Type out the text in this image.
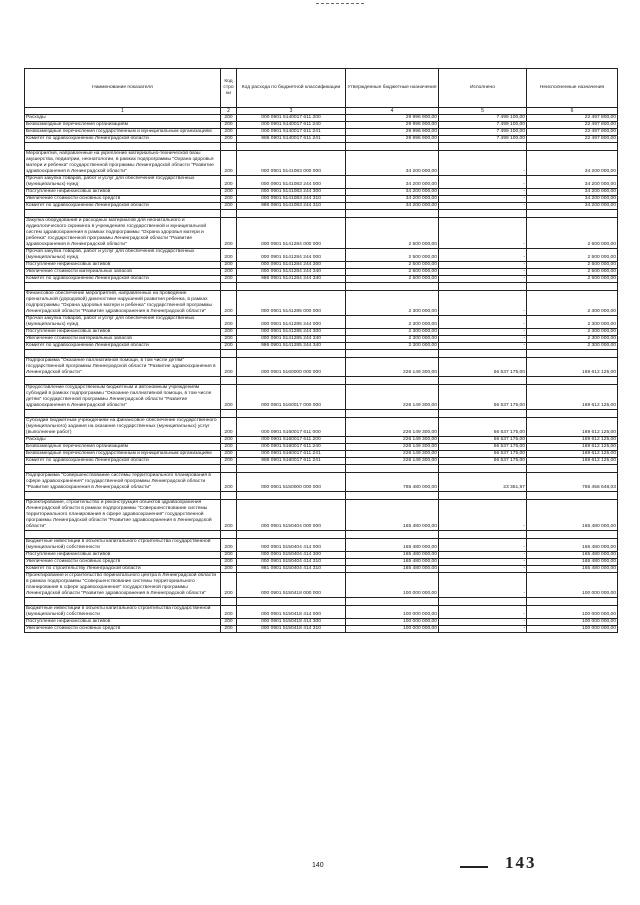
Наименование показателя	Код стро ки	Код расхода по бюджетной классификации	Утвержденные бюджетные назначения	Исполнено	Неисполненные назначения
1	2	3	4	5	6
Расходы	200	000 0901 5140017 611 200	29 996 900,00	7 499 100,00	22 497 800,00
Безвозмездные перечисления организациям	200	000 0901 5140017 611 240	29 996 900,00	7 499 100,00	22 497 800,00
Безвозмездные перечисления государственным и муниципальным организациям	200	000 0901 5140017 611 241	29 996 900,00	7 499 100,00	22 497 800,00
Комитет по здравоохранению Ленинградской области	200	986 0901 5140017 611 241	29 996 900,00	7 499 100,00	22 497 800,00

Мероприятия, направленные на укрепление материально-технической базы акушерства, педиатрии, неонатологии, в рамках подпрограммы "Охрана здоровья матери и ребенка" государственной программы Ленинградской области "Развитие здравоохранения в Ленинградской области"	200	000 0901 5141083 000 000	34 200 000,00	-	34 200 000,00
Прочая закупка товаров, работ и услуг для обеспечения государственных (муниципальных) нужд	200	000 0901 5141083 244 000	34 200 000,00	-	34 200 000,00
Поступление нефинансовых активов	200	000 0901 5141083 244 300	34 200 000,00	-	34 200 000,00
Увеличение стоимости основных средств	200	000 0901 5141083 244 310	34 200 000,00	-	34 200 000,00
Комитет по здравоохранению Ленинградской области	200	986 0901 5141083 244 310	34 200 000,00	-	34 200 000,00

Закупка оборудования и расходных материалов для неонатального и аудиологического скрининга в учреждениях государственной и муниципальной систем здравоохранения в рамках подпрограммы "Охрана здоровья матери и ребенка" государственной программы Ленинградской области "Развитие здравоохранения в Ленинградской области"	200	000 0901 5141284 000 000	2 500 000,00	-	2 500 000,00
Прочая закупка товаров, работ и услуг для обеспечения государственных (муниципальных) нужд	200	000 0901 5141284 244 000	2 500 000,00	-	2 500 000,00
Поступление нефинансовых активов	200	000 0901 5141284 244 300	2 500 000,00	-	2 500 000,00
Увеличение стоимости материальных запасов	200	000 0901 5141284 244 340	2 500 000,00	-	2 500 000,00
Комитет по здравоохранению Ленинградской области	200	986 0901 5141284 244 340	2 500 000,00	-	2 500 000,00

Финансовое обеспечение мероприятий, направленных на проведение пренатальной (дородовой) диагностики нарушений развития ребенка, в рамках подпрограммы "Охрана здоровья матери и ребенка" государственной программы Ленинградской области "Развитие здравоохранения в Ленинградской области"	200	000 0901 5141285 000 000	2 300 000,00	-	2 300 000,00
Прочая закупка товаров, работ и услуг для обеспечения государственных (муниципальных) нужд	200	000 0901 5141285 244 000	2 300 000,00	-	2 300 000,00
Поступление нефинансовых активов	200	000 0901 5141285 244 300	2 300 000,00	-	2 300 000,00
Увеличение стоимости материальных запасов	200	000 0901 5141285 244 340	2 300 000,00	-	2 300 000,00
Комитет по здравоохранению Ленинградской области	200	986 0901 5141285 244 340	2 300 000,00	-	2 300 000,00

Подпрограмма "Оказание паллиативной помощи, в том числе детям" государственной программы Ленинградской области "Развитие здравоохранения в Ленинградской области"	200	000 0901 5160000 000 000	226 149 300,00	56 537 175,00	169 612 125,00

Предоставление государственным бюджетным и автономным учреждениям субсидий в рамках подпрограммы "Оказание паллиативной помощи, в том числе детям" государственной программы Ленинградской области "Развитие здравоохранения в Ленинградской области"	200	000 0901 5160017 000 000	226 149 300,00	56 537 175,00	169 612 125,00

Субсидии бюджетным учреждениям на финансовое обеспечение государственного (муниципального) задания на оказание государственных (муниципальных) услуг (выполнение работ)	200	000 0901 5160017 611 000	226 149 300,00	56 537 175,00	169 612 125,00
Расходы	200	000 0901 5160017 611 200	226 149 300,00	56 537 175,00	169 612 125,00
Безвозмездные перечисления организациям	200	000 0901 5160017 611 240	226 149 300,00	56 537 175,00	169 612 125,00
Безвозмездные перечисления государственным и муниципальным организациям	200	000 0901 5160017 611 241	226 149 300,00	56 537 175,00	169 612 125,00
Комитет по здравоохранению Ленинградской области	200	986 0901 5160017 611 241	226 149 300,00	56 537 175,00	169 612 125,00

Подпрограмма "Совершенствование системы территориального планирования в сфере здравоохранения" государственной программы Ленинградской области "Развитие здравоохранения в Ленинградской области"	200	000 0901 5150000 000 000	765 480 000,00	23 351,97	765 456 648,03

Проектирование, строительство и реконструкция объектов здравоохранения Ленинградской области в рамках подпрограммы "Совершенствование системы территориального планирования в сфере здравоохранения" государственной программы Ленинградской области "Развитие здравоохранения в Ленинградской области"	200	000 0901 5150404 000 000	165 480 000,00	-	165 480 000,00

Бюджетные инвестиции в объекты капитального строительства государственной (муниципальной) собственности	200	000 0901 5150404 414 000	165 480 000,00	-	165 480 000,00
Поступление нефинансовых активов	200	000 0901 5150404 414 300	165 480 000,00	-	165 480 000,00
Увеличение стоимости основных средств	200	000 0901 5150404 414 310	165 480 000,00	-	165 480 000,00
Комитет по строительству Ленинградской области	200	981 0901 5150404 414 310	165 480 000,00	-	165 480 000,00
Проектирование и строительство перинатального центра в Ленинградской области в рамках подпрограммы "Совершенствование системы территориального планирования в сфере здравоохранения" государственной программы Ленинградской области "Развитие здравоохранения в Ленинградской области"	200	000 0901 5150418 000 000	100 000 000,00	-	100 000 000,00

Бюджетные инвестиции в объекты капитального строительства государственной (муниципальной) собственности	200	000 0901 5150418 414 000	100 000 000,00	-	100 000 000,00
Поступление нефинансовых активов	200	000 0901 5150418 414 300	100 000 000,00	-	100 000 000,00
Увеличение стоимости основных средств	200	000 0901 5150418 414 310	100 000 000,00	-	100 000 000,00
140	143
